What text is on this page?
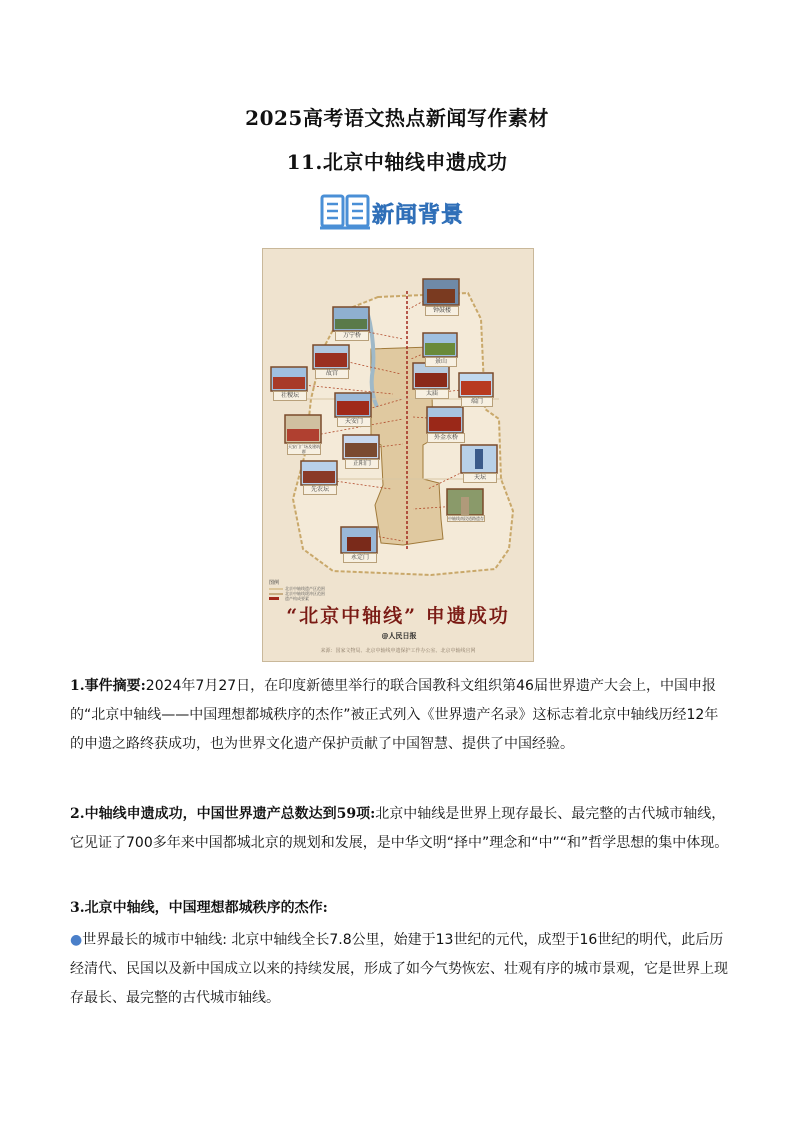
2025高考语文热点新闻写作素材
11.北京中轴线申遗成功
新闻背景
钟鼓楼
万宁桥
景山
故宫
社稷坛	太庙
端门
天安门
天安门广场及建筑群
外金水桥
正阳门
天坛
先农坛
中轴线南段道路遗存
永定门
图例
北京中轴线遗产区范围
北京中轴线缓冲区范围
遗产构成要素
“北京中轴线” 申遗成功
@人民日报
来源：国家文物局、北京中轴线申遗保护工作办公室、北京中轴线官网
1.事件摘要:2024年7月27日，在印度新德里举行的联合国教科文组织第46届世界遗产大会上，中国申报的“北京中轴线——中国理想都城秩序的杰作”被正式列入《世界遗产名录》这标志着北京中轴线历经12年的申遗之路终获成功，也为世界文化遗产保护贡献了中国智慧、提供了中国经验。
2.中轴线申遗成功，中国世界遗产总数达到59项:北京中轴线是世界上现存最长、最完整的古代城市轴线，它见证了700多年来中国都城北京的规划和发展，是中华文明“择中”理念和“中”“和”哲学思想的集中体现。
3.北京中轴线，中国理想都城秩序的杰作:
●世界最长的城市中轴线: 北京中轴线全长7.8公里，始建于13世纪的元代，成型于16世纪的明代，此后历经清代、民国以及新中国成立以来的持续发展，形成了如今气势恢宏、壮观有序的城市景观，它是世界上现存最长、最完整的古代城市轴线。
